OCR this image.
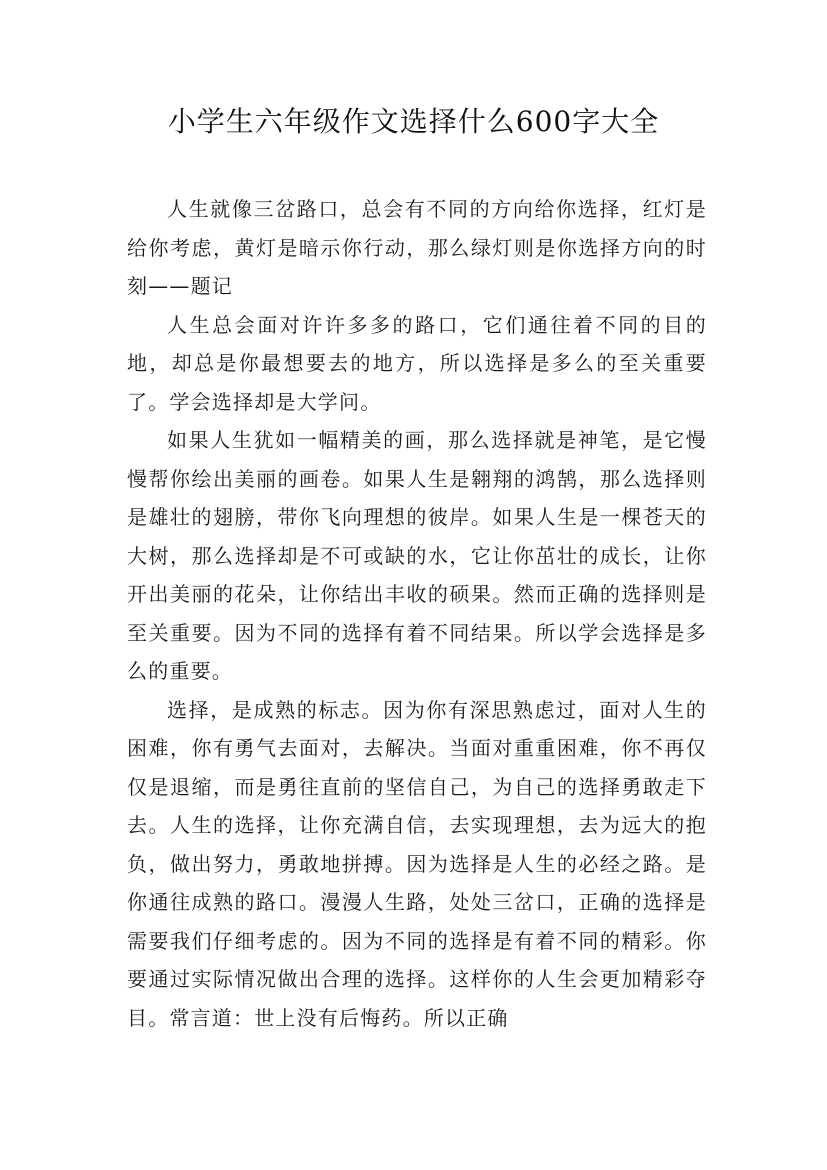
小学生六年级作文选择什么600字大全

人生就像三岔路口，总会有不同的方向给你选择，红灯是给你考虑，黄灯是暗示你行动，那么绿灯则是你选择方向的时刻——题记

人生总会面对许许多多的路口，它们通往着不同的目的地，却总是你最想要去的地方，所以选择是多么的至关重要了。学会选择却是大学问。

如果人生犹如一幅精美的画，那么选择就是神笔，是它慢慢帮你绘出美丽的画卷。如果人生是翱翔的鸿鹄，那么选择则是雄壮的翅膀，带你飞向理想的彼岸。如果人生是一棵苍天的大树，那么选择却是不可或缺的水，它让你茁壮的成长，让你开出美丽的花朵，让你结出丰收的硕果。然而正确的选择则是至关重要。因为不同的选择有着不同结果。所以学会选择是多么的重要。

选择，是成熟的标志。因为你有深思熟虑过，面对人生的困难，你有勇气去面对，去解决。当面对重重困难，你不再仅仅是退缩，而是勇往直前的坚信自己，为自己的选择勇敢走下去。人生的选择，让你充满自信，去实现理想，去为远大的抱负，做出努力，勇敢地拼搏。因为选择是人生的必经之路。是你通往成熟的路口。漫漫人生路，处处三岔口，正确的选择是需要我们仔细考虑的。因为不同的选择是有着不同的精彩。你要通过实际情况做出合理的选择。这样你的人生会更加精彩夺目。常言道：世上没有后悔药。所以正确
